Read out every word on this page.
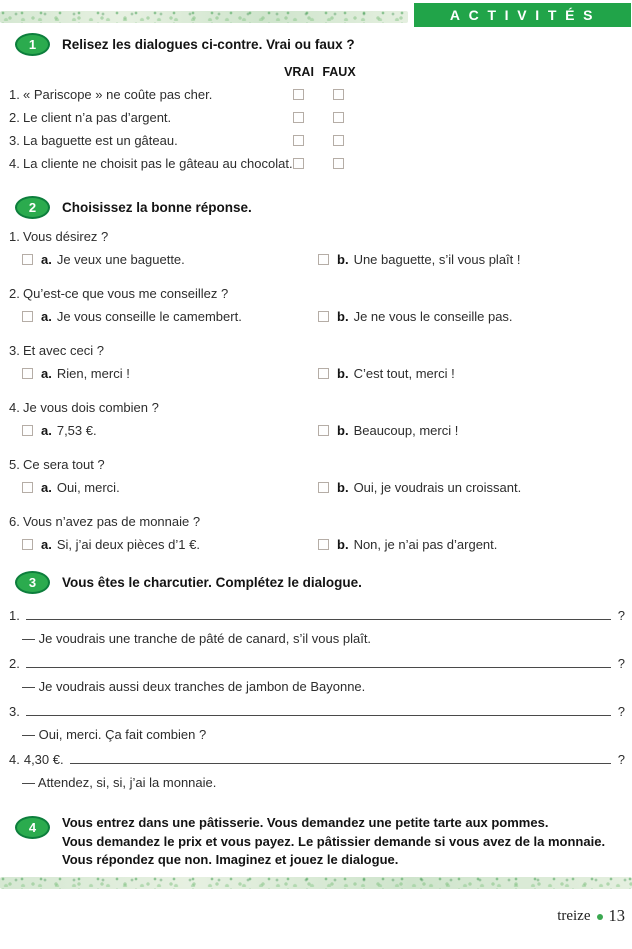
ACTIVITÉS
1	Relisez les dialogues ci-contre. Vrai ou faux ?
VRAI FAUX
1. « Pariscope » ne coûte pas cher.
2. Le client n’a pas d’argent.
3. La baguette est un gâteau.
4. La cliente ne choisit pas le gâteau au chocolat.
2	Choisissez la bonne réponse.
1. Vous désirez ?
a. Je veux une baguette.	b. Une baguette, s’il vous plaît !
2. Qu’est-ce que vous me conseillez ?
a. Je vous conseille le camembert.	b. Je ne vous le conseille pas.
3. Et avec ceci ?
a. Rien, merci !	b. C’est tout, merci !
4. Je vous dois combien ?
a. 7,53 €.	b. Beaucoup, merci !
5. Ce sera tout ?
a. Oui, merci.	b. Oui, je voudrais un croissant.
6. Vous n’avez pas de monnaie ?
a. Si, j’ai deux pièces d’1 €.	b. Non, je n’ai pas d’argent.
3	Vous êtes le charcutier. Complétez le dialogue.
1.	?
— Je voudrais une tranche de pâté de canard, s’il vous plaît.
2.	?
— Je voudrais aussi deux tranches de jambon de Bayonne.
3.	?
— Oui, merci. Ça fait combien ?
4. 4,30 €.	?
— Attendez, si, si, j’ai la monnaie.
4	Vous entrez dans une pâtisserie. Vous demandez une petite tarte aux pommes.
Vous demandez le prix et vous payez. Le pâtissier demande si vous avez de la monnaie.
Vous répondez que non. Imaginez et jouez le dialogue.
treize 13
